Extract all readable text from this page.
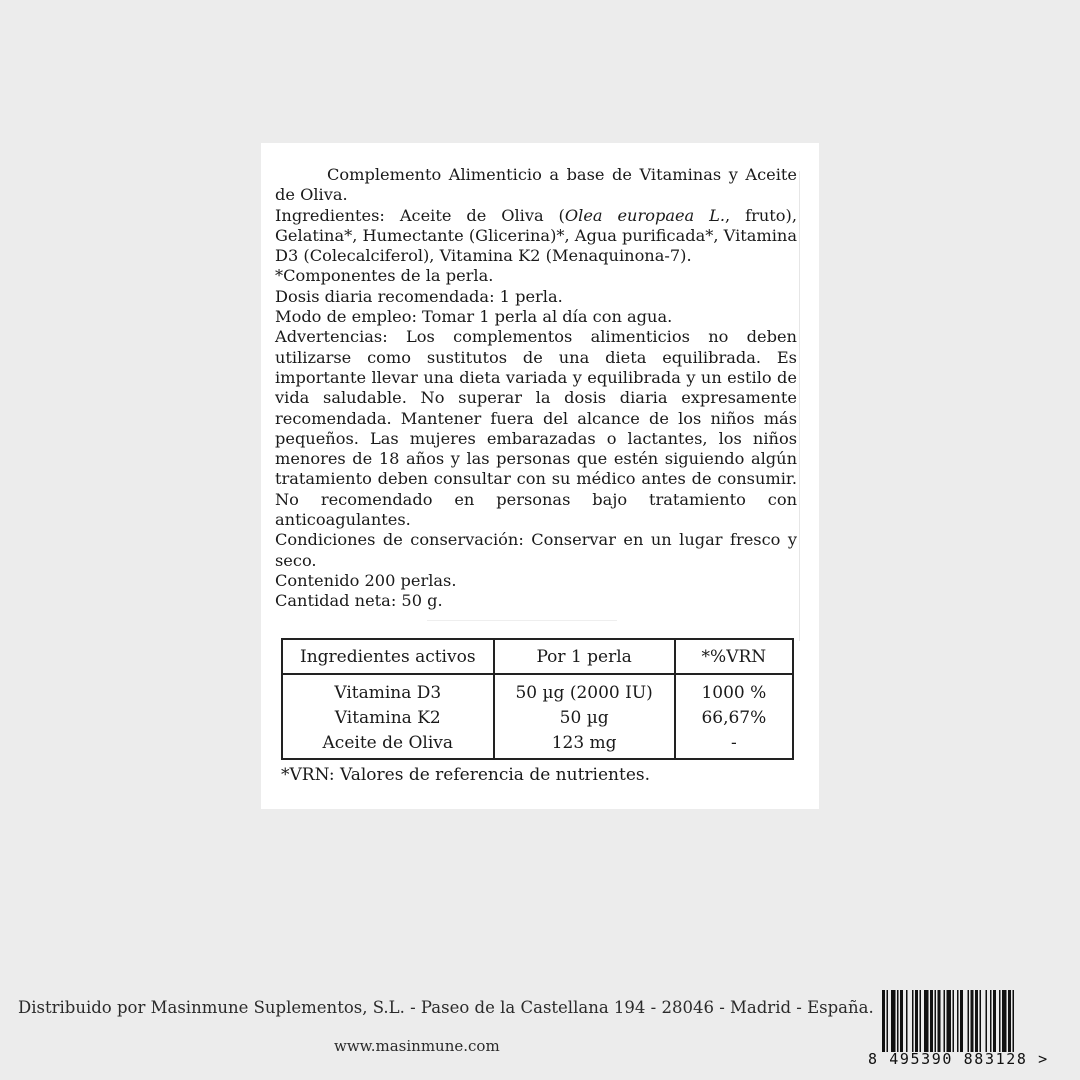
Complemento Alimenticio a base de Vitaminas y Aceite de Oliva.

Ingredientes: Aceite de Oliva (Olea europaea L., fruto), Gelatina*, Humectante (Glicerina)*, Agua purificada*, Vitamina D3 (Colecalciferol), Vitamina K2 (Menaquinona-7).

*Componentes de la perla.

Dosis diaria recomendada: 1 perla.

Modo de empleo: Tomar 1 perla al día con agua.

Advertencias: Los complementos alimenticios no deben utilizarse como sustitutos de una dieta equilibrada. Es importante llevar una dieta variada y equilibrada y un estilo de vida saludable. No superar la dosis diaria expresamente recomendada. Mantener fuera del alcance de los niños más pequeños. Las mujeres embarazadas o lactantes, los niños menores de 18 años y las personas que estén siguiendo algún tratamiento deben consultar con su médico antes de consumir. No recomendado en personas bajo tratamiento con anticoagulantes.

Condiciones de conservación: Conservar en un lugar fresco y seco.

Contenido 200 perlas.

Cantidad neta: 50 g.

Ingredientes activos	Por 1 perla	*%VRN
Vitamina D3	50 µg (2000 IU)	1000 %
Vitamina K2	50 µg	66,67%
Aceite de Oliva	123 mg	-
*VRN: Valores de referencia de nutrientes.
Distribuido por Masinmune Suplementos, S.L. - Paseo de la Castellana 194 - 28046 - Madrid - España.
www.masinmune.com
8 495390 883128 >
